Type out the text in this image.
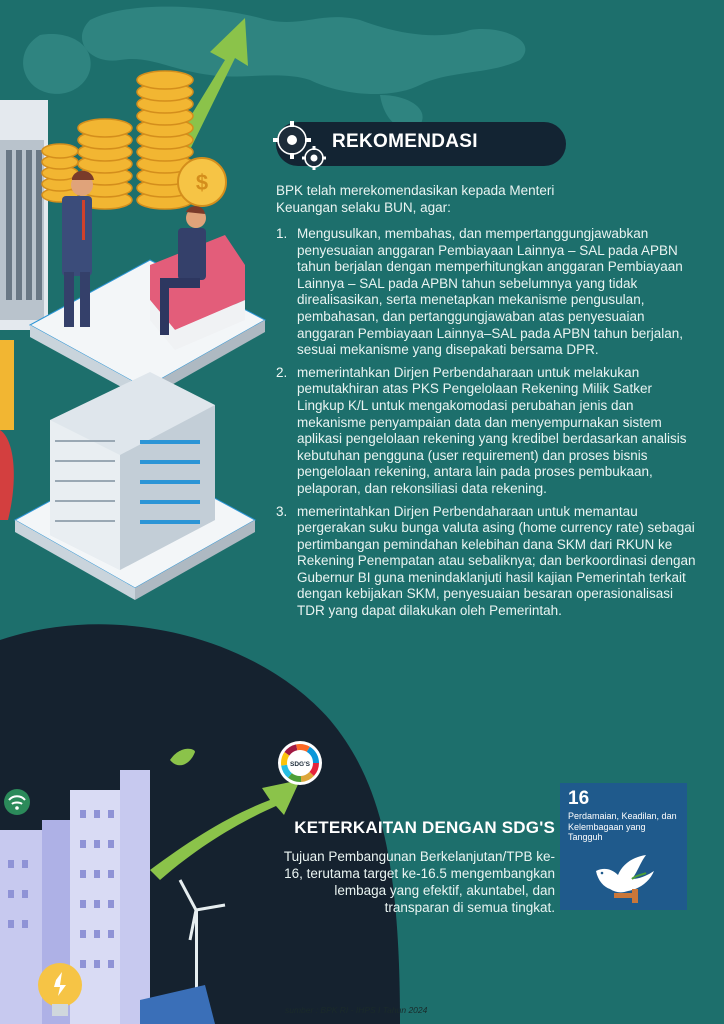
$
REKOMENDASI
BPK telah merekomendasikan kepada Menteri Keuangan selaku BUN, agar:
1. Mengusulkan, membahas, dan mempertanggungjawabkan penyesuaian anggaran Pembiayaan Lainnya – SAL pada APBN tahun berjalan dengan memperhitungkan anggaran Pembiayaan Lainnya – SAL pada APBN tahun sebelumnya yang tidak direalisasikan, serta menetapkan mekanisme pengusulan, pembahasan, dan pertanggungjawaban atas penyesuaian anggaran Pembiayaan Lainnya–SAL pada APBN tahun berjalan, sesuai mekanisme yang disepakati bersama DPR.
2. memerintahkan Dirjen Perbendaharaan untuk melakukan pemutakhiran atas PKS Pengelolaan Rekening Milik Satker Lingkup K/L untuk mengakomodasi perubahan jenis dan mekanisme penyampaian data dan menyempurnakan sistem aplikasi pengelolaan rekening yang kredibel berdasarkan analisis kebutuhan pengguna (user requirement) dan proses bisnis pengelolaan rekening, antara lain pada proses pembukaan, pelaporan, dan rekonsiliasi data rekening.
3. memerintahkan Dirjen Perbendaharaan untuk memantau pergerakan suku bunga valuta asing (home currency rate) sebagai pertimbangan pemindahan kelebihan dana SKM dari RKUN ke Rekening Penempatan atau sebaliknya; dan berkoordinasi dengan Gubernur BI guna menindaklanjuti hasil kajian Pemerintah terkait dengan kebijakan SKM, penyesuaian besaran operasionalisasi TDR yang dapat dilakukan oleh Pemerintah.
SDG'S
KETERKAITAN DENGAN SDG'S
Tujuan Pembangunan Berkelanjutan/TPB ke-16, terutama target ke-16.5 mengembangkan lembaga yang efektif, akuntabel, dan transparan di semua tingkat.
16
Perdamaian, Keadilan, dan Kelembagaan yang Tangguh
sumber : BPK RI - IHPS I Tahun 2024
